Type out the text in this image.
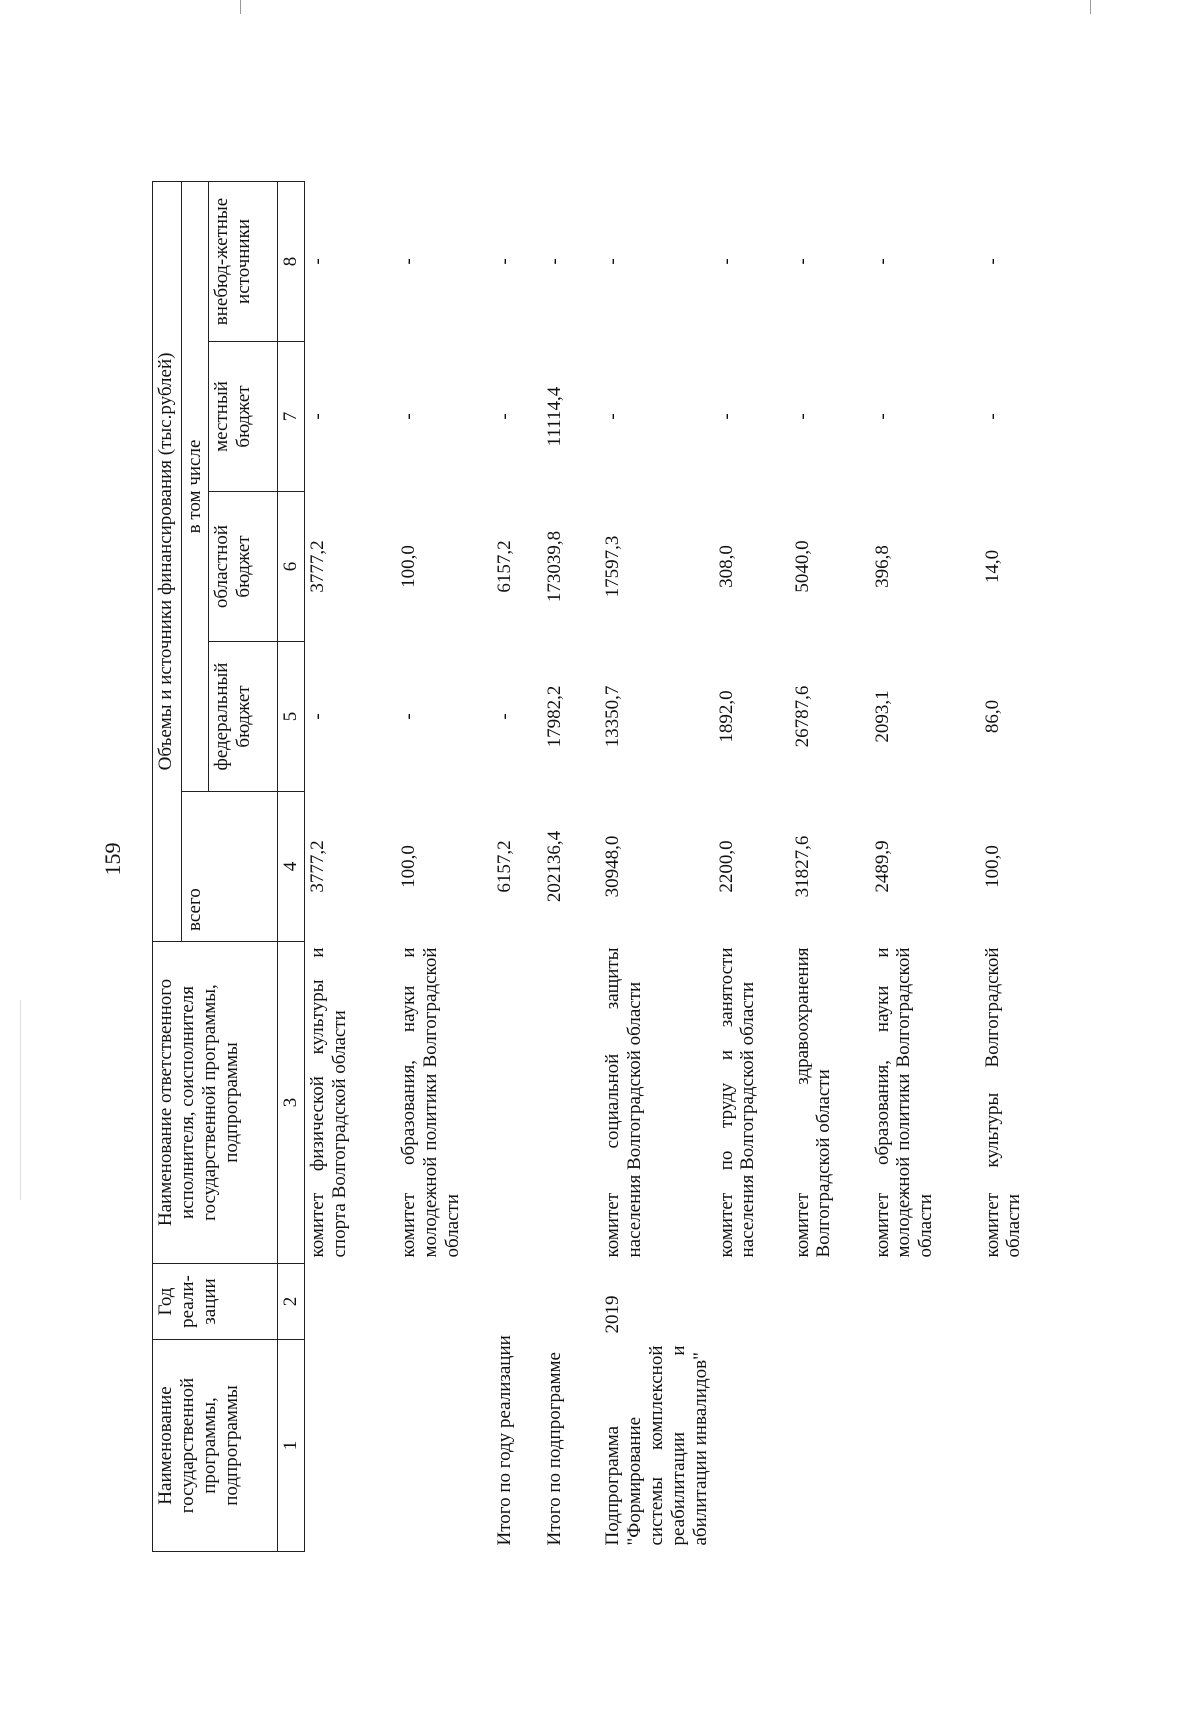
159
Наименование государственной программы, подпрограммы	Год реали-зации	Наименование ответственного исполнителя, соисполнителя государственной программы, подпрограммы	Объемы и источники финансирования (тыс.рублей)				
			всего	в том числе			
				федеральный бюджет	областной бюджет	местный бюджет	внебюд-жетные источники
1	2	3	4	5	6	7	8
		комитет физической культуры и спорта Волгоградской области	3777,2	-	3777,2	-	-
		комитет образования, науки и молодежной политики Волгоградской области	100,0	-	100,0	-	-
Итого по году реализации			6157,2	-	6157,2	-	-
Итого по подпрограмме			202136,4	17982,2	173039,8	11114,4	-
Подпрограмма "Формирование системы комплексной реабилитации и абилитации инвалидов"	2019	комитет социальной защиты населения Волгоградской области	30948,0	13350,7	17597,3	-	-
		комитет по труду и занятости населения Волгоградской области	2200,0	1892,0	308,0	-	-
		комитет здравоохранения Волгоградской области	31827,6	26787,6	5040,0	-	-
		комитет образования, науки и молодежной политики Волгоградской области	2489,9	2093,1	396,8	-	-
		комитет культуры Волгоградской области	100,0	86,0	14,0	-	-
